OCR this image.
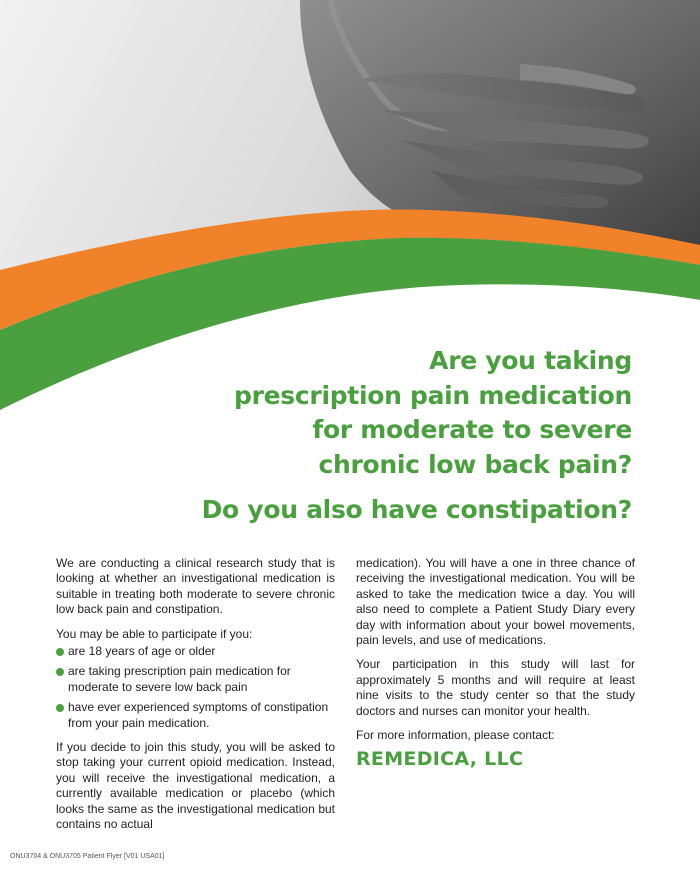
Are you taking
prescription pain medication
for moderate to severe
chronic low back pain?
Do you also have constipation?

We are conducting a clinical research study that is looking at whether an investigational medication is suitable in treating both moderate to severe chronic low back pain and constipation.

You may be able to participate if you:

are 18 years of age or older
are taking prescription pain medication for moderate to severe low back pain
have ever experienced symptoms of constipation from your pain medication.

If you decide to join this study, you will be asked to stop taking your current opioid medication. Instead, you will receive the investigational medication, a currently available medication or placebo (which looks the same as the investigational medication but contains no actual

medication). You will have a one in three chance of receiving the investigational medication. You will be asked to take the medication twice a day. You will also need to complete a Patient Study Diary every day with information about your bowel movements, pain levels, and use of medications.

Your participation in this study will last for approximately 5 months and will require at least nine visits to the study center so that the study doctors and nurses can monitor your health.

For more information, please contact:

REMEDICA, LLC
ONU3704 & ONU3705 Patient Flyer [V01 USA01]
